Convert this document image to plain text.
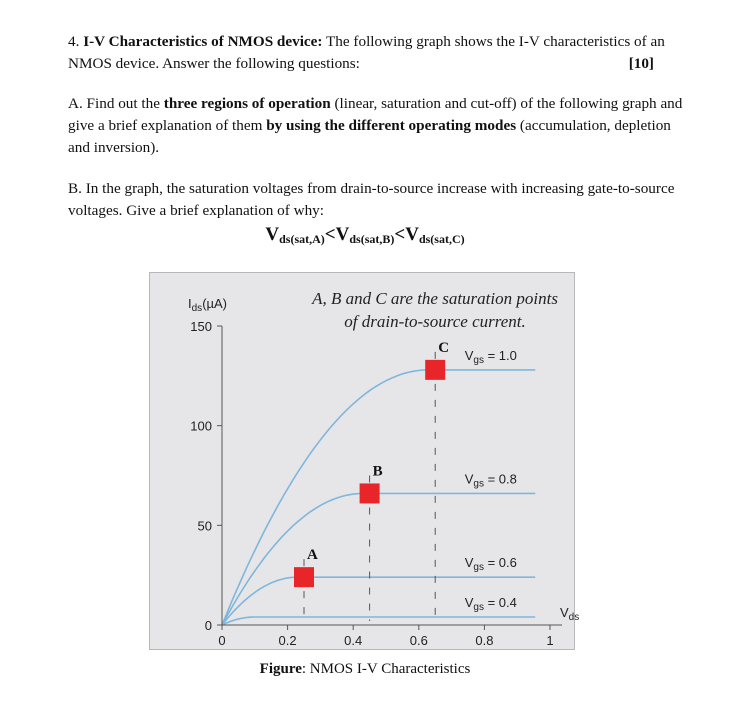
4. I-V Characteristics of NMOS device: The following graph shows the I-V characteristics of an NMOS device. Answer the following questions:	[10]
A. Find out the three regions of operation (linear, saturation and cut-off) of the following graph and give a brief explanation of them by using the different operating modes (accumulation, depletion and inversion).
B. In the graph, the saturation voltages from drain-to-source increase with increasing gate-to-source voltages. Give a brief explanation of why:
$V_{ds(sat,A)}<V_{ds(sat,B)}<V_{ds(sat,C)}$
A
B
C
A, B and C are the saturation points
of drain-to-source current.
$I_{ds}(\mu A)$
$V_{ds}$
0	0.2	0.4	0.6	0.8	1
0
50
100
150
$V_{gs} = 1.0$
$V_{gs} = 0.8$
$V_{gs} = 0.6$
$V_{gs} = 0.4$
Figure: NMOS I-V Characteristics
